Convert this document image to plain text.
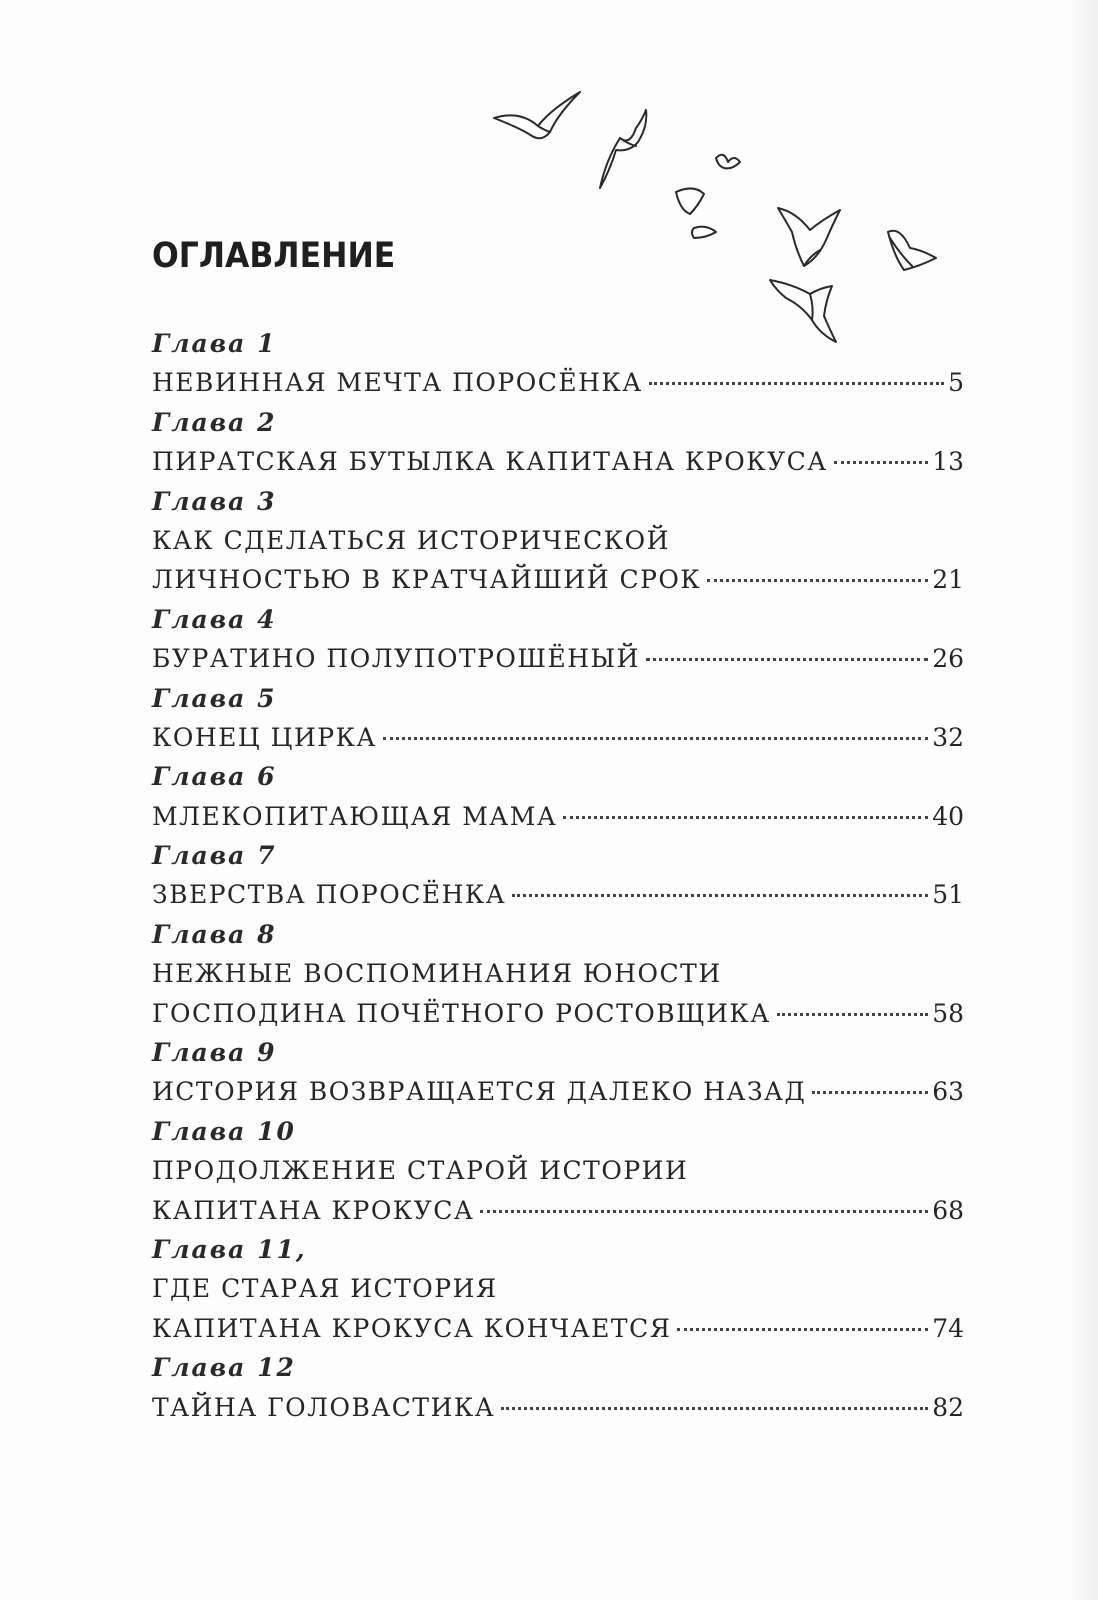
ОГЛАВЛЕНИЕ
Глава 1
НЕВИННАЯ МЕЧТА ПОРОСЁНКА	5
Глава 2
ПИРАТСКАЯ БУТЫЛКА КАПИТАНА КРОКУСА	13
Глава 3
КАК СДЕЛАТЬСЯ ИСТОРИЧЕСКОЙ
ЛИЧНОСТЬЮ В КРАТЧАЙШИЙ СРОК	21
Глава 4
БУРАТИНО ПОЛУПОТРОШЁНЫЙ	26
Глава 5
КОНЕЦ ЦИРКА	32
Глава 6
МЛЕКОПИТАЮЩАЯ МАМА	40
Глава 7
ЗВЕРСТВА ПОРОСЁНКА	51
Глава 8
НЕЖНЫЕ ВОСПОМИНАНИЯ ЮНОСТИ
ГОСПОДИНА ПОЧЁТНОГО РОСТОВЩИКА	58
Глава 9
ИСТОРИЯ ВОЗВРАЩАЕТСЯ ДАЛЕКО НАЗАД	63
Глава 10
ПРОДОЛЖЕНИЕ СТАРОЙ ИСТОРИИ
КАПИТАНА КРОКУСА	68
Глава 11,
ГДЕ СТАРАЯ ИСТОРИЯ
КАПИТАНА КРОКУСА КОНЧАЕТСЯ	74
Глава 12
ТАЙНА ГОЛОВАСТИКА	82
